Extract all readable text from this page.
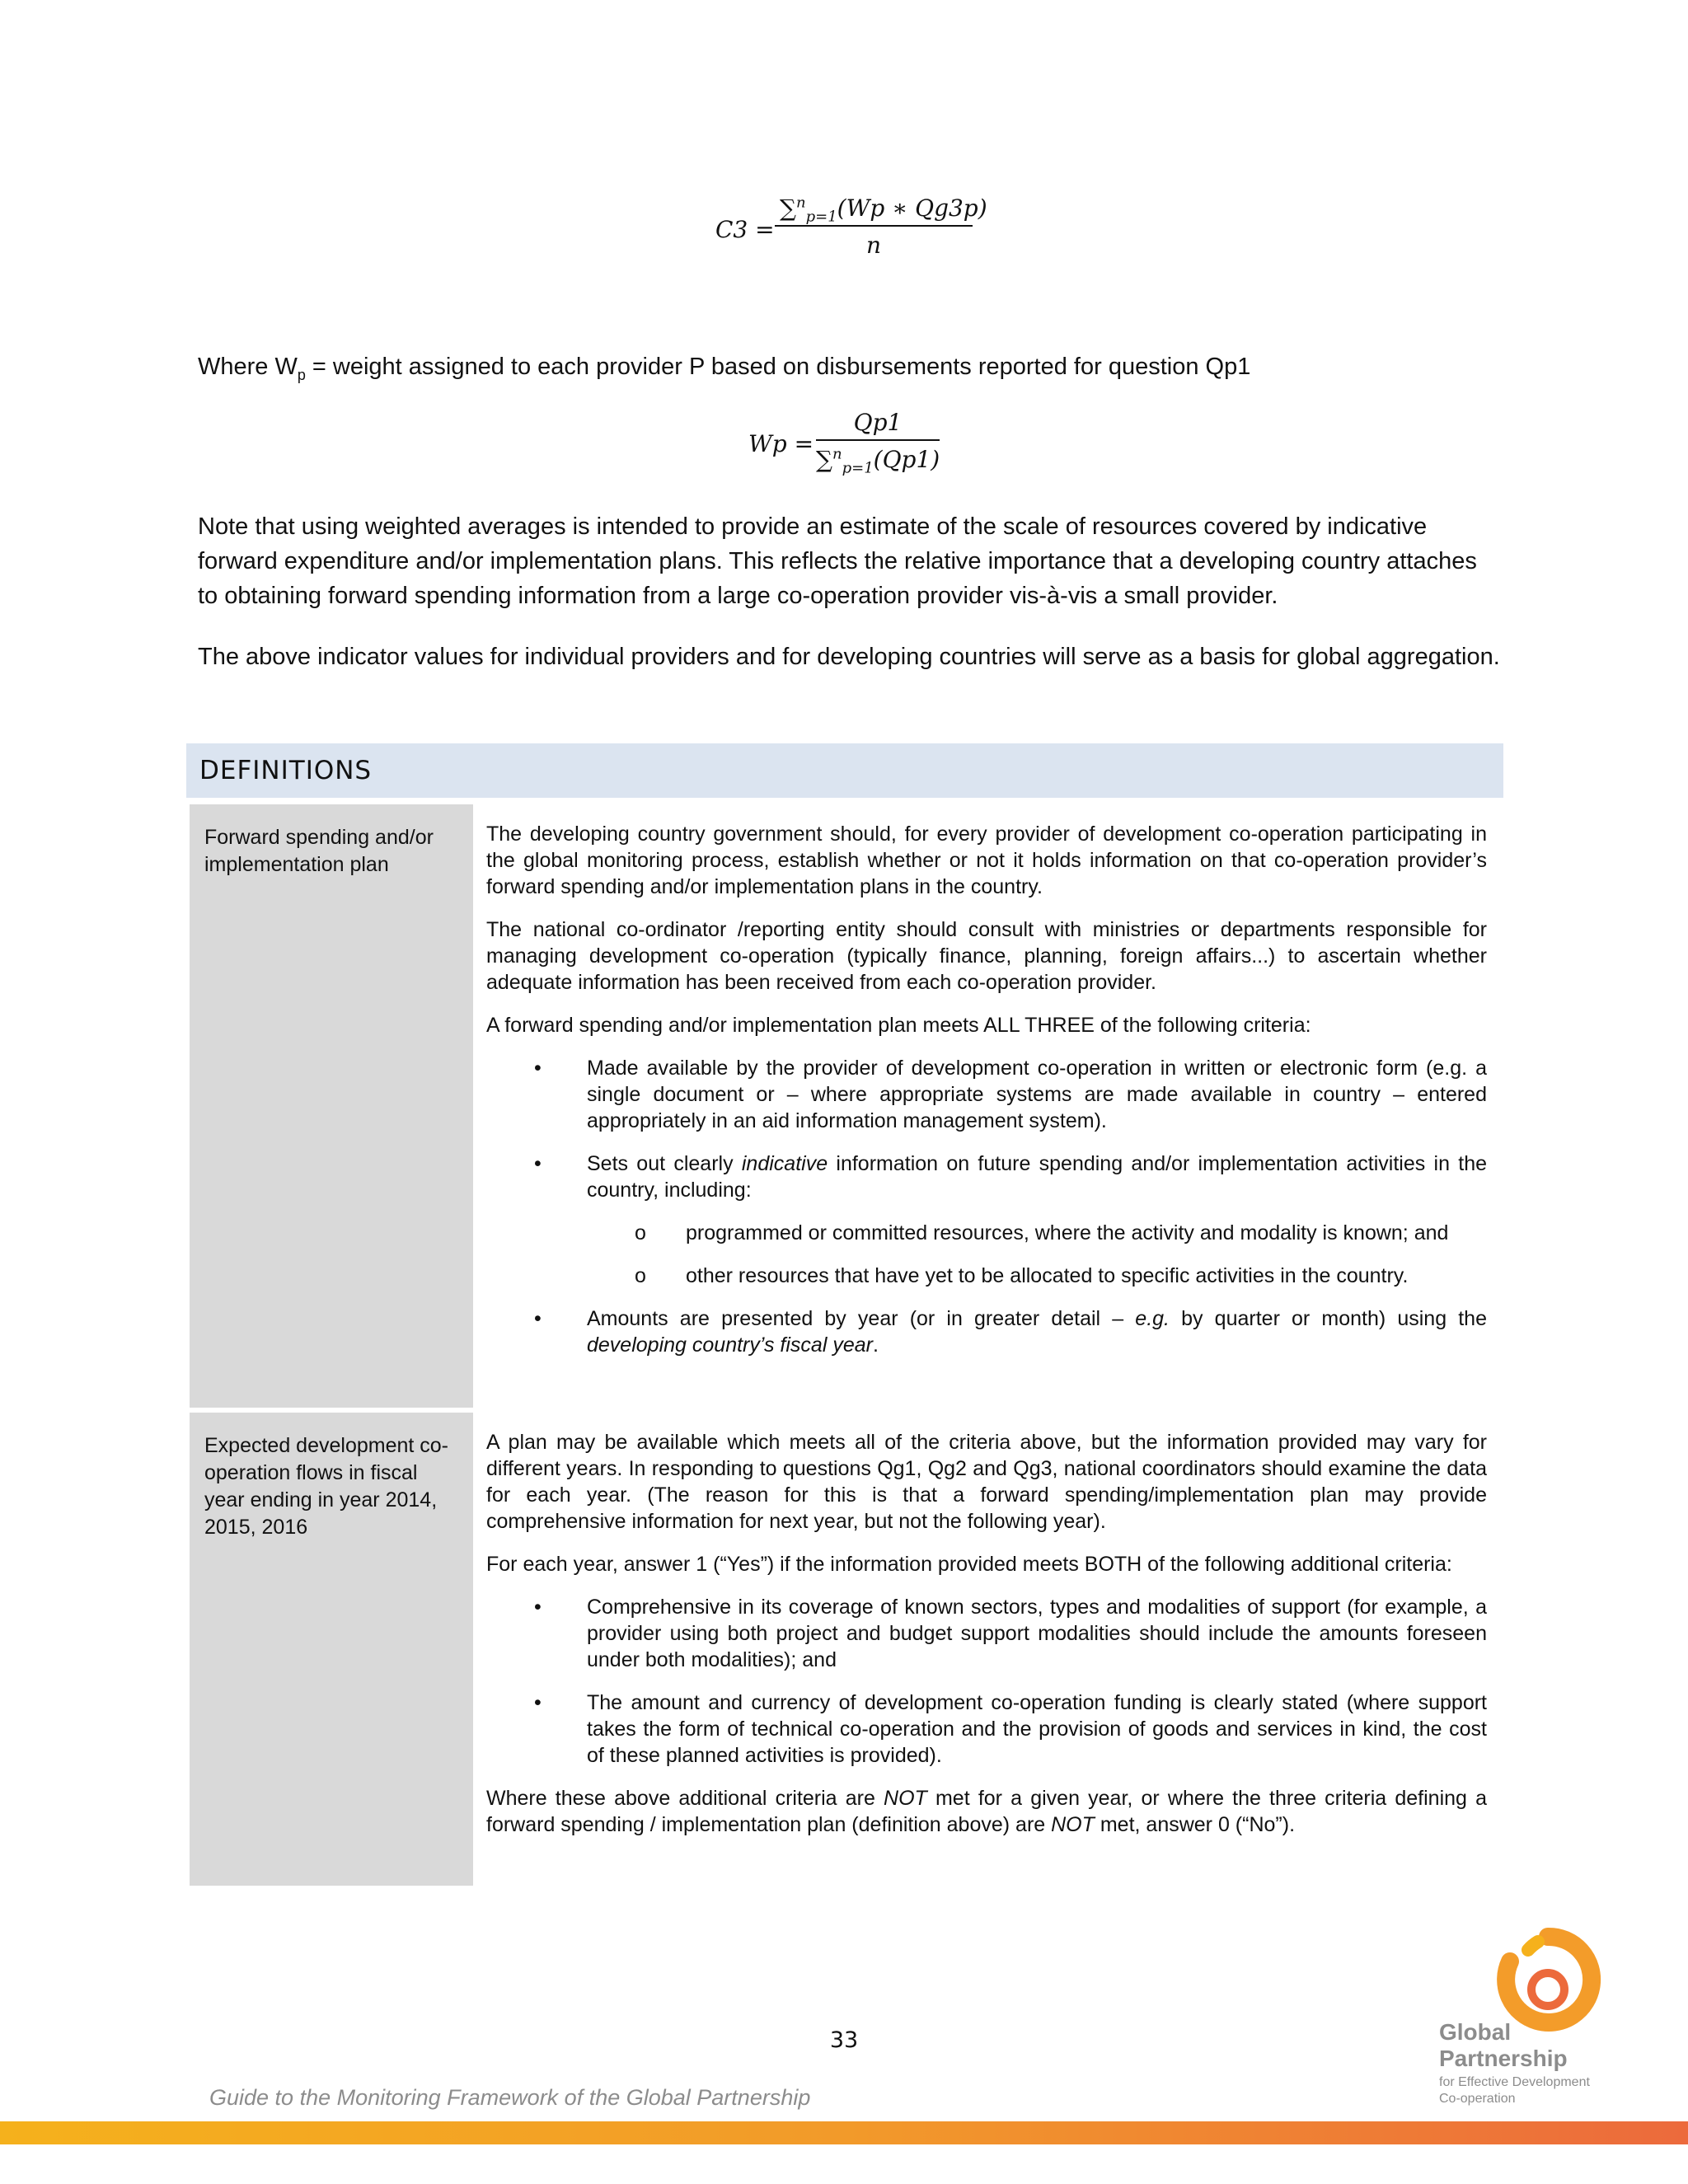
$C3 = \frac{\sum^n_{p=1}(Wp ∗ Qg3p)}{n}$
Where $W_p$ = weight assigned to each provider P based on disbursements reported for question Qp1
$Wp = \frac{Qp1}{\sum^n_{p=1}(Qp1)}$
Note that using weighted averages is intended to provide an estimate of the scale of resources covered by indicative forward expenditure and/or implementation plans. This reflects the relative importance that a developing country attaches to obtaining forward spending information from a large co-operation provider vis-à-vis a small provider.
The above indicator values for individual providers and for developing countries will serve as a basis for global aggregation.
DEFINITIONS
Forward spending and/or implementation plan

The developing country government should, for every provider of development co-operation participating in the global monitoring process, establish whether or not it holds information on that co-operation provider’s forward spending and/or implementation plans in the country.

The national co-ordinator /reporting entity should consult with ministries or departments responsible for managing development co-operation (typically finance, planning, foreign affairs...) to ascertain whether adequate information has been received from each co-operation provider.

A forward spending and/or implementation plan meets ALL THREE of the following criteria:

• Made available by the provider of development co-operation in written or electronic form (e.g. a single document or – where appropriate systems are made available in country – entered appropriately in an aid information management system).
• Sets out clearly indicative information on future spending and/or implementation activities in the country, including:
o programmed or committed resources, where the activity and modality is known; and
o other resources that have yet to be allocated to specific activities in the country.
• Amounts are presented by year (or in greater detail – e.g. by quarter or month) using the developing country’s fiscal year.
Expected development co-operation flows in fiscal year ending in year 2014, 2015, 2016

A plan may be available which meets all of the criteria above, but the information provided may vary for different years. In responding to questions Qg1, Qg2 and Qg3, national coordinators should examine the data for each year. (The reason for this is that a forward spending/implementation plan may provide comprehensive information for next year, but not the following year).

For each year, answer 1 (“Yes”) if the information provided meets BOTH of the following additional criteria:

• Comprehensive in its coverage of known sectors, types and modalities of support (for example, a provider using both project and budget support modalities should include the amounts foreseen under both modalities); and
• The amount and currency of development co-operation funding is clearly stated (where support takes the form of technical co-operation and the provision of goods and services in kind, the cost of these planned activities is provided).

Where these above additional criteria are NOT met for a given year, or where the three criteria defining a forward spending / implementation plan (definition above) are NOT met, answer 0 (“No”).

33
Guide to the Monitoring Framework of the Global Partnership
Global
Partnership
for Effective Development
Co-operation
